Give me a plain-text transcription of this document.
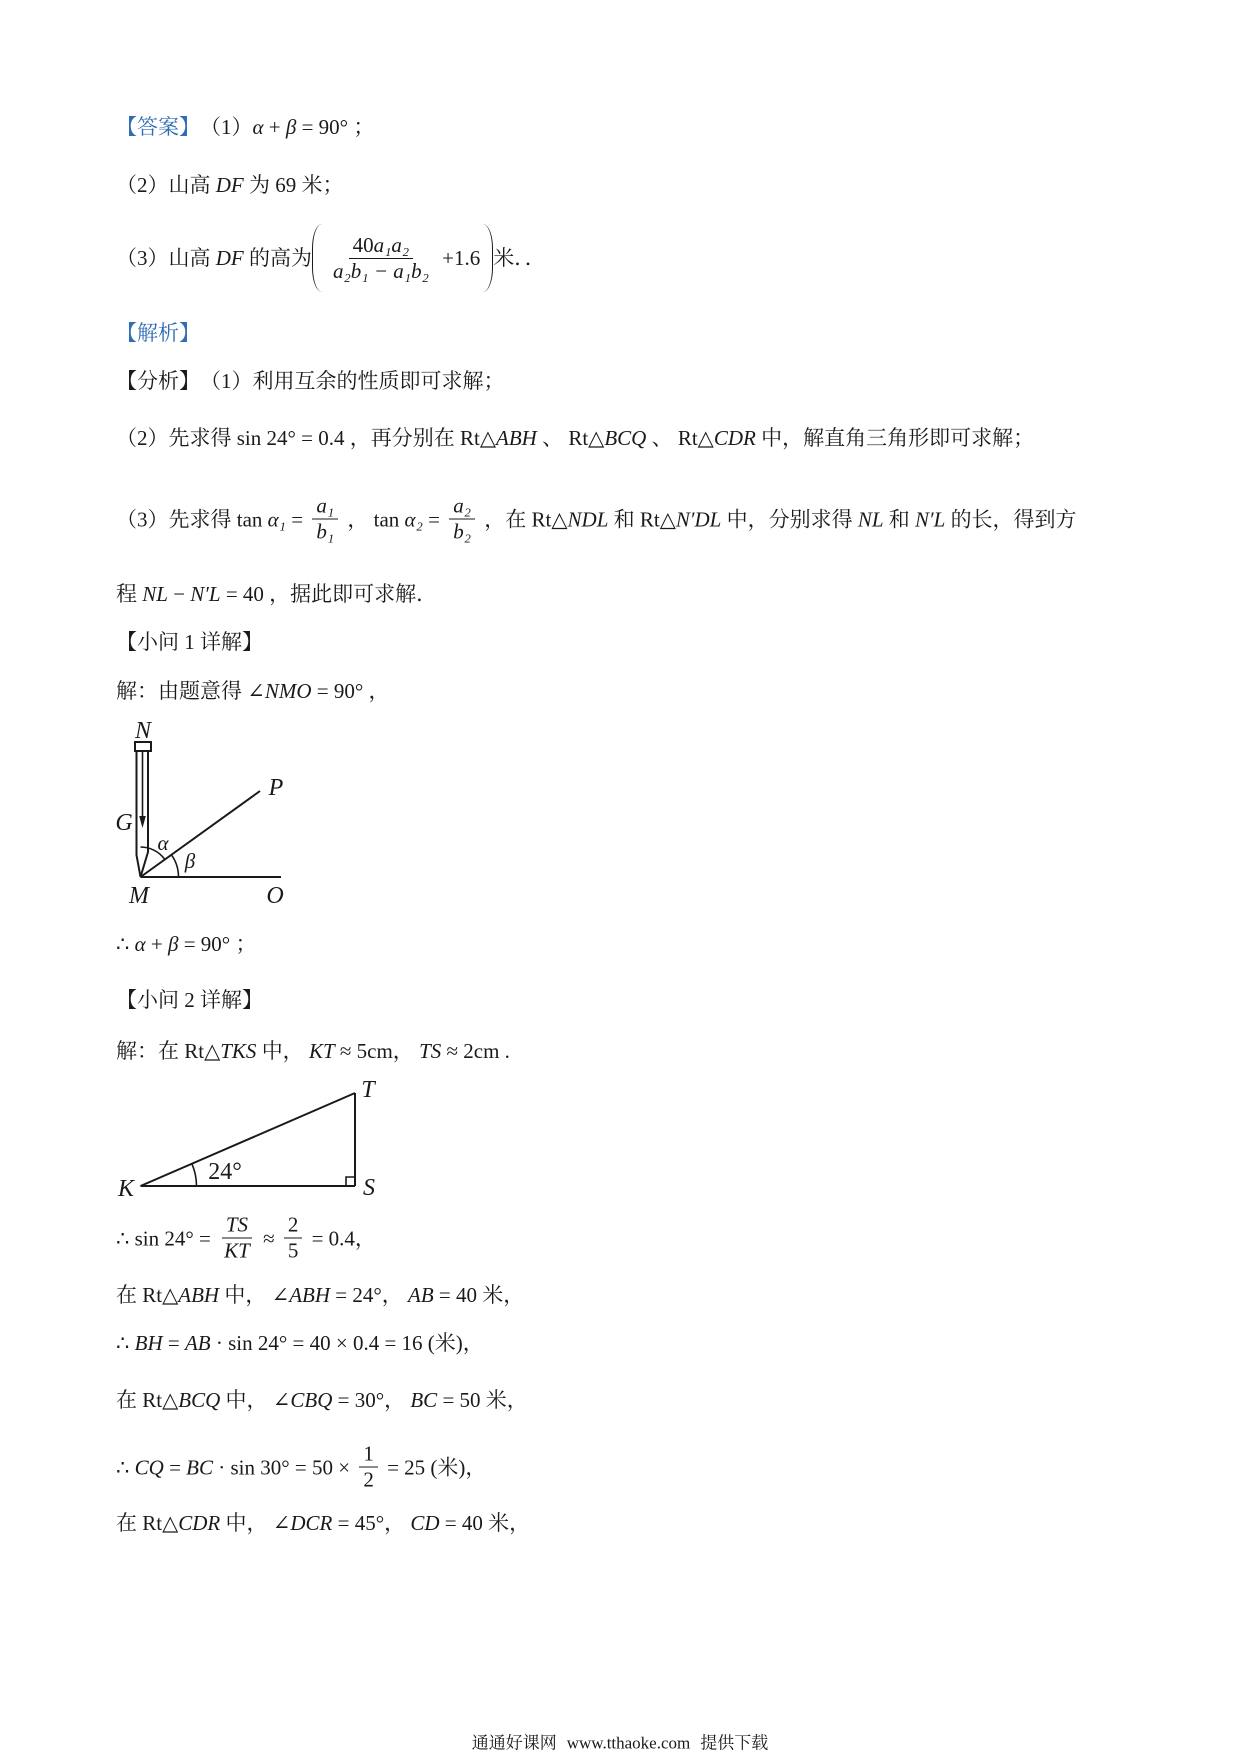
【答案】 （1） α + β = 90° ；
（2） 山高 DF 为 69 米；
（3） 山高 DF 的高为 $\frac{\text{40 a₁a₂}}{\text{a₂b₁ − a₁b₂}} +1.6$ 米．．
【解析】
【分析】 （1）利用互余的性质即可求解；
（2）先求得 sin 24° = 0.4 ，再分别在 Rt△ ABH 、 Rt△ BCQ 、 Rt△ CDR 中，解直角三角形即可求解；
（3）先求得 $\tan \alpha_1 = \frac{\text{a₁}}{\text{b₁}}$ ， $\tan \alpha_2 = \frac{\text{a₂}}{\text{b₂}}$ ，在 Rt△ NDL 和 Rt△ N′DL 中，分别求得 NL 和 N′L 的长，得到方
程 NL − N′L = 40 ，据此即可求解．
【小问 1 详解】
解：由题意得 ∠ NMO = 90° ，
N
G
P
M	O
α
β
∴ α + β = 90° ；
【小问 2 详解】
解：在 Rt△ TKS 中， KT ≈ 5cm， TS ≈ 2cm .
24°
K
T
S
∴ $\sin 24^\circ = \frac{TS}{KT} \approx \frac{2}{5} = 0.4$，
在 Rt△ ABH 中， ∠ ABH = 24°， AB = 40 米，
∴ BH = AB · sin 24° = 40 × 0.4 = 16 (米)，
在 Rt△ BCQ 中， ∠ CBQ = 30°， BC = 50 米，
∴ CQ = BC · $\sin 30^\circ = 50 \times \frac{1}{2} = 25$ (米)，
在 Rt△ CDR 中， ∠ DCR = 45°， CD = 40 米，
通通好课网 www.tthaoke.com 提供下载
